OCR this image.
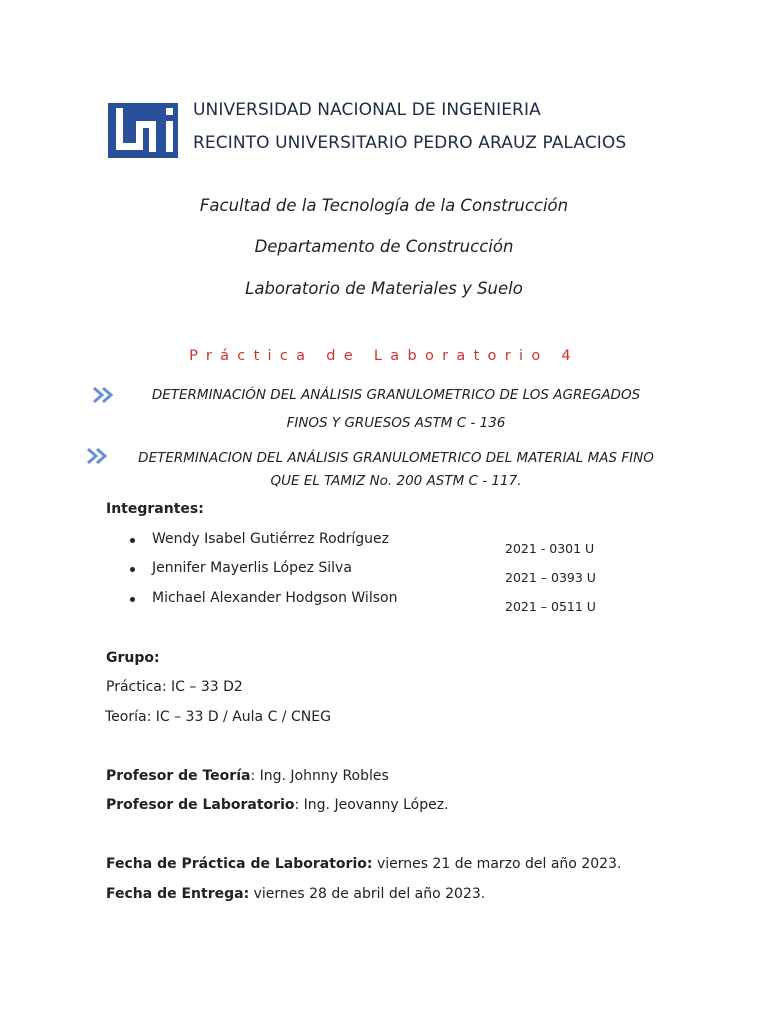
UNIVERSIDAD NACIONAL DE INGENIERIA
RECINTO UNIVERSITARIO PEDRO ARAUZ PALACIOS
Facultad de la Tecnología de la Construcción
Departamento de Construcción
Laboratorio de Materiales y Suelo
Práctica de Laboratorio 4
DETERMINACIÓN DEL ANÁLISIS GRANULOMETRICO DE LOS AGREGADOS
FINOS Y GRUESOS ASTM C - 136
DETERMINACION DEL ANÁLISIS GRANULOMETRICO DEL MATERIAL MAS FINO
QUE EL TAMIZ No. 200 ASTM C - 117.
Integrantes:
Wendy Isabel Gutiérrez Rodríguez
2021 - 0301 U
Jennifer Mayerlis López Silva
2021 – 0393 U
Michael Alexander Hodgson Wilson
2021 – 0511 U
Grupo:
Práctica: IC – 33 D2
Teoría: IC – 33 D / Aula C / CNEG
Profesor de Teoría: Ing. Johnny Robles
Profesor de Laboratorio: Ing. Jeovanny López.
Fecha de Práctica de Laboratorio: viernes 21 de marzo del año 2023.
Fecha de Entrega: viernes 28 de abril del año 2023.
